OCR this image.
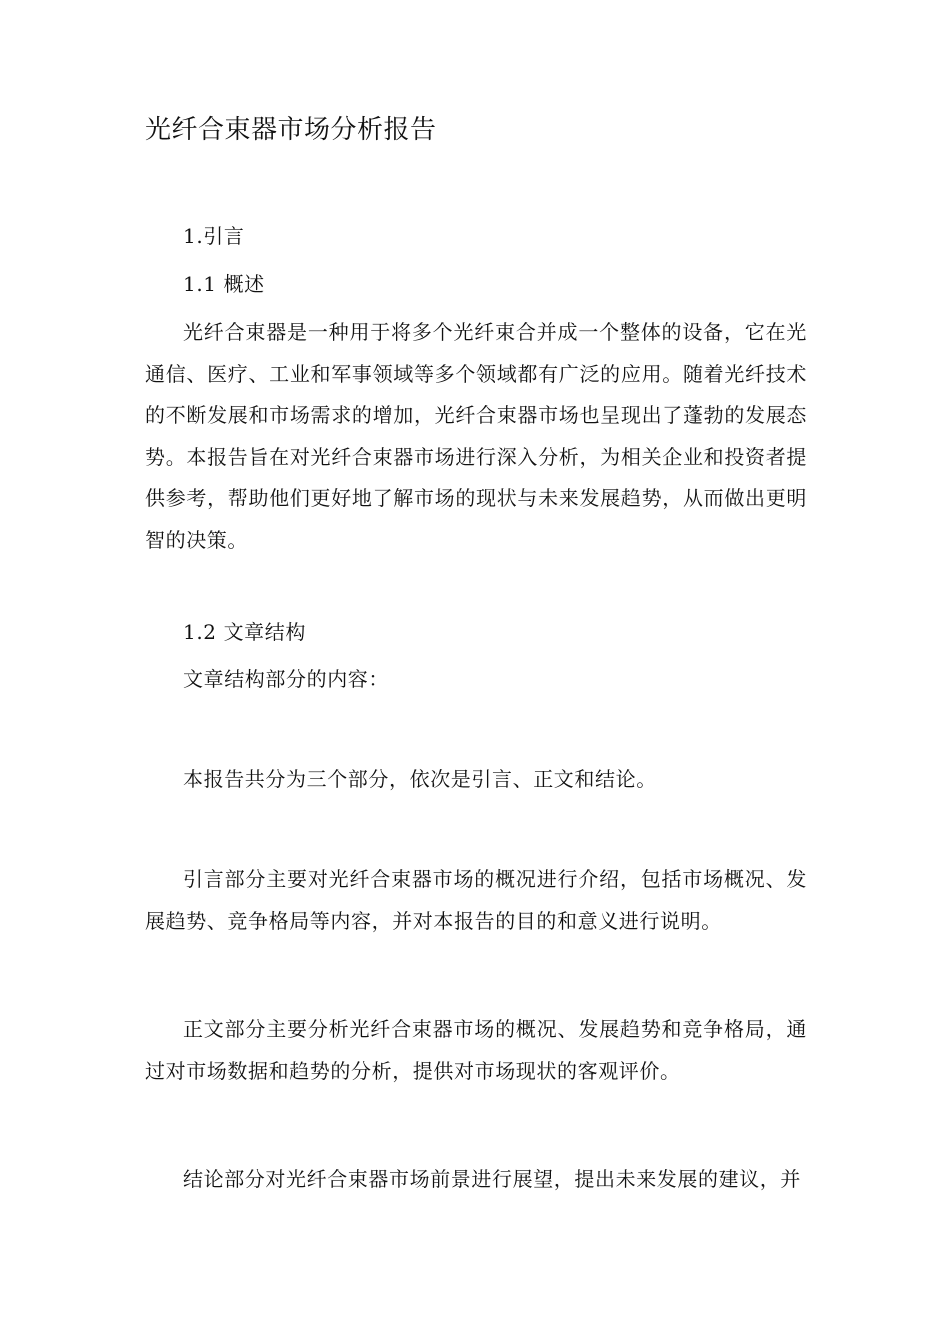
光纤合束器市场分析报告

1.引言

1.1 概述

光纤合束器是一种用于将多个光纤束合并成一个整体的设备，它在光通信、医疗、工业和军事领域等多个领域都有广泛的应用。随着光纤技术的不断发展和市场需求的增加，光纤合束器市场也呈现出了蓬勃的发展态势。本报告旨在对光纤合束器市场进行深入分析，为相关企业和投资者提供参考，帮助他们更好地了解市场的现状与未来发展趋势，从而做出更明智的决策。

1.2 文章结构

文章结构部分的内容：

本报告共分为三个部分，依次是引言、正文和结论。

引言部分主要对光纤合束器市场的概况进行介绍，包括市场概况、发展趋势、竞争格局等内容，并对本报告的目的和意义进行说明。

正文部分主要分析光纤合束器市场的概况、发展趋势和竞争格局，通过对市场数据和趋势的分析，提供对市场现状的客观评价。

结论部分对光纤合束器市场前景进行展望，提出未来发展的建议，并
